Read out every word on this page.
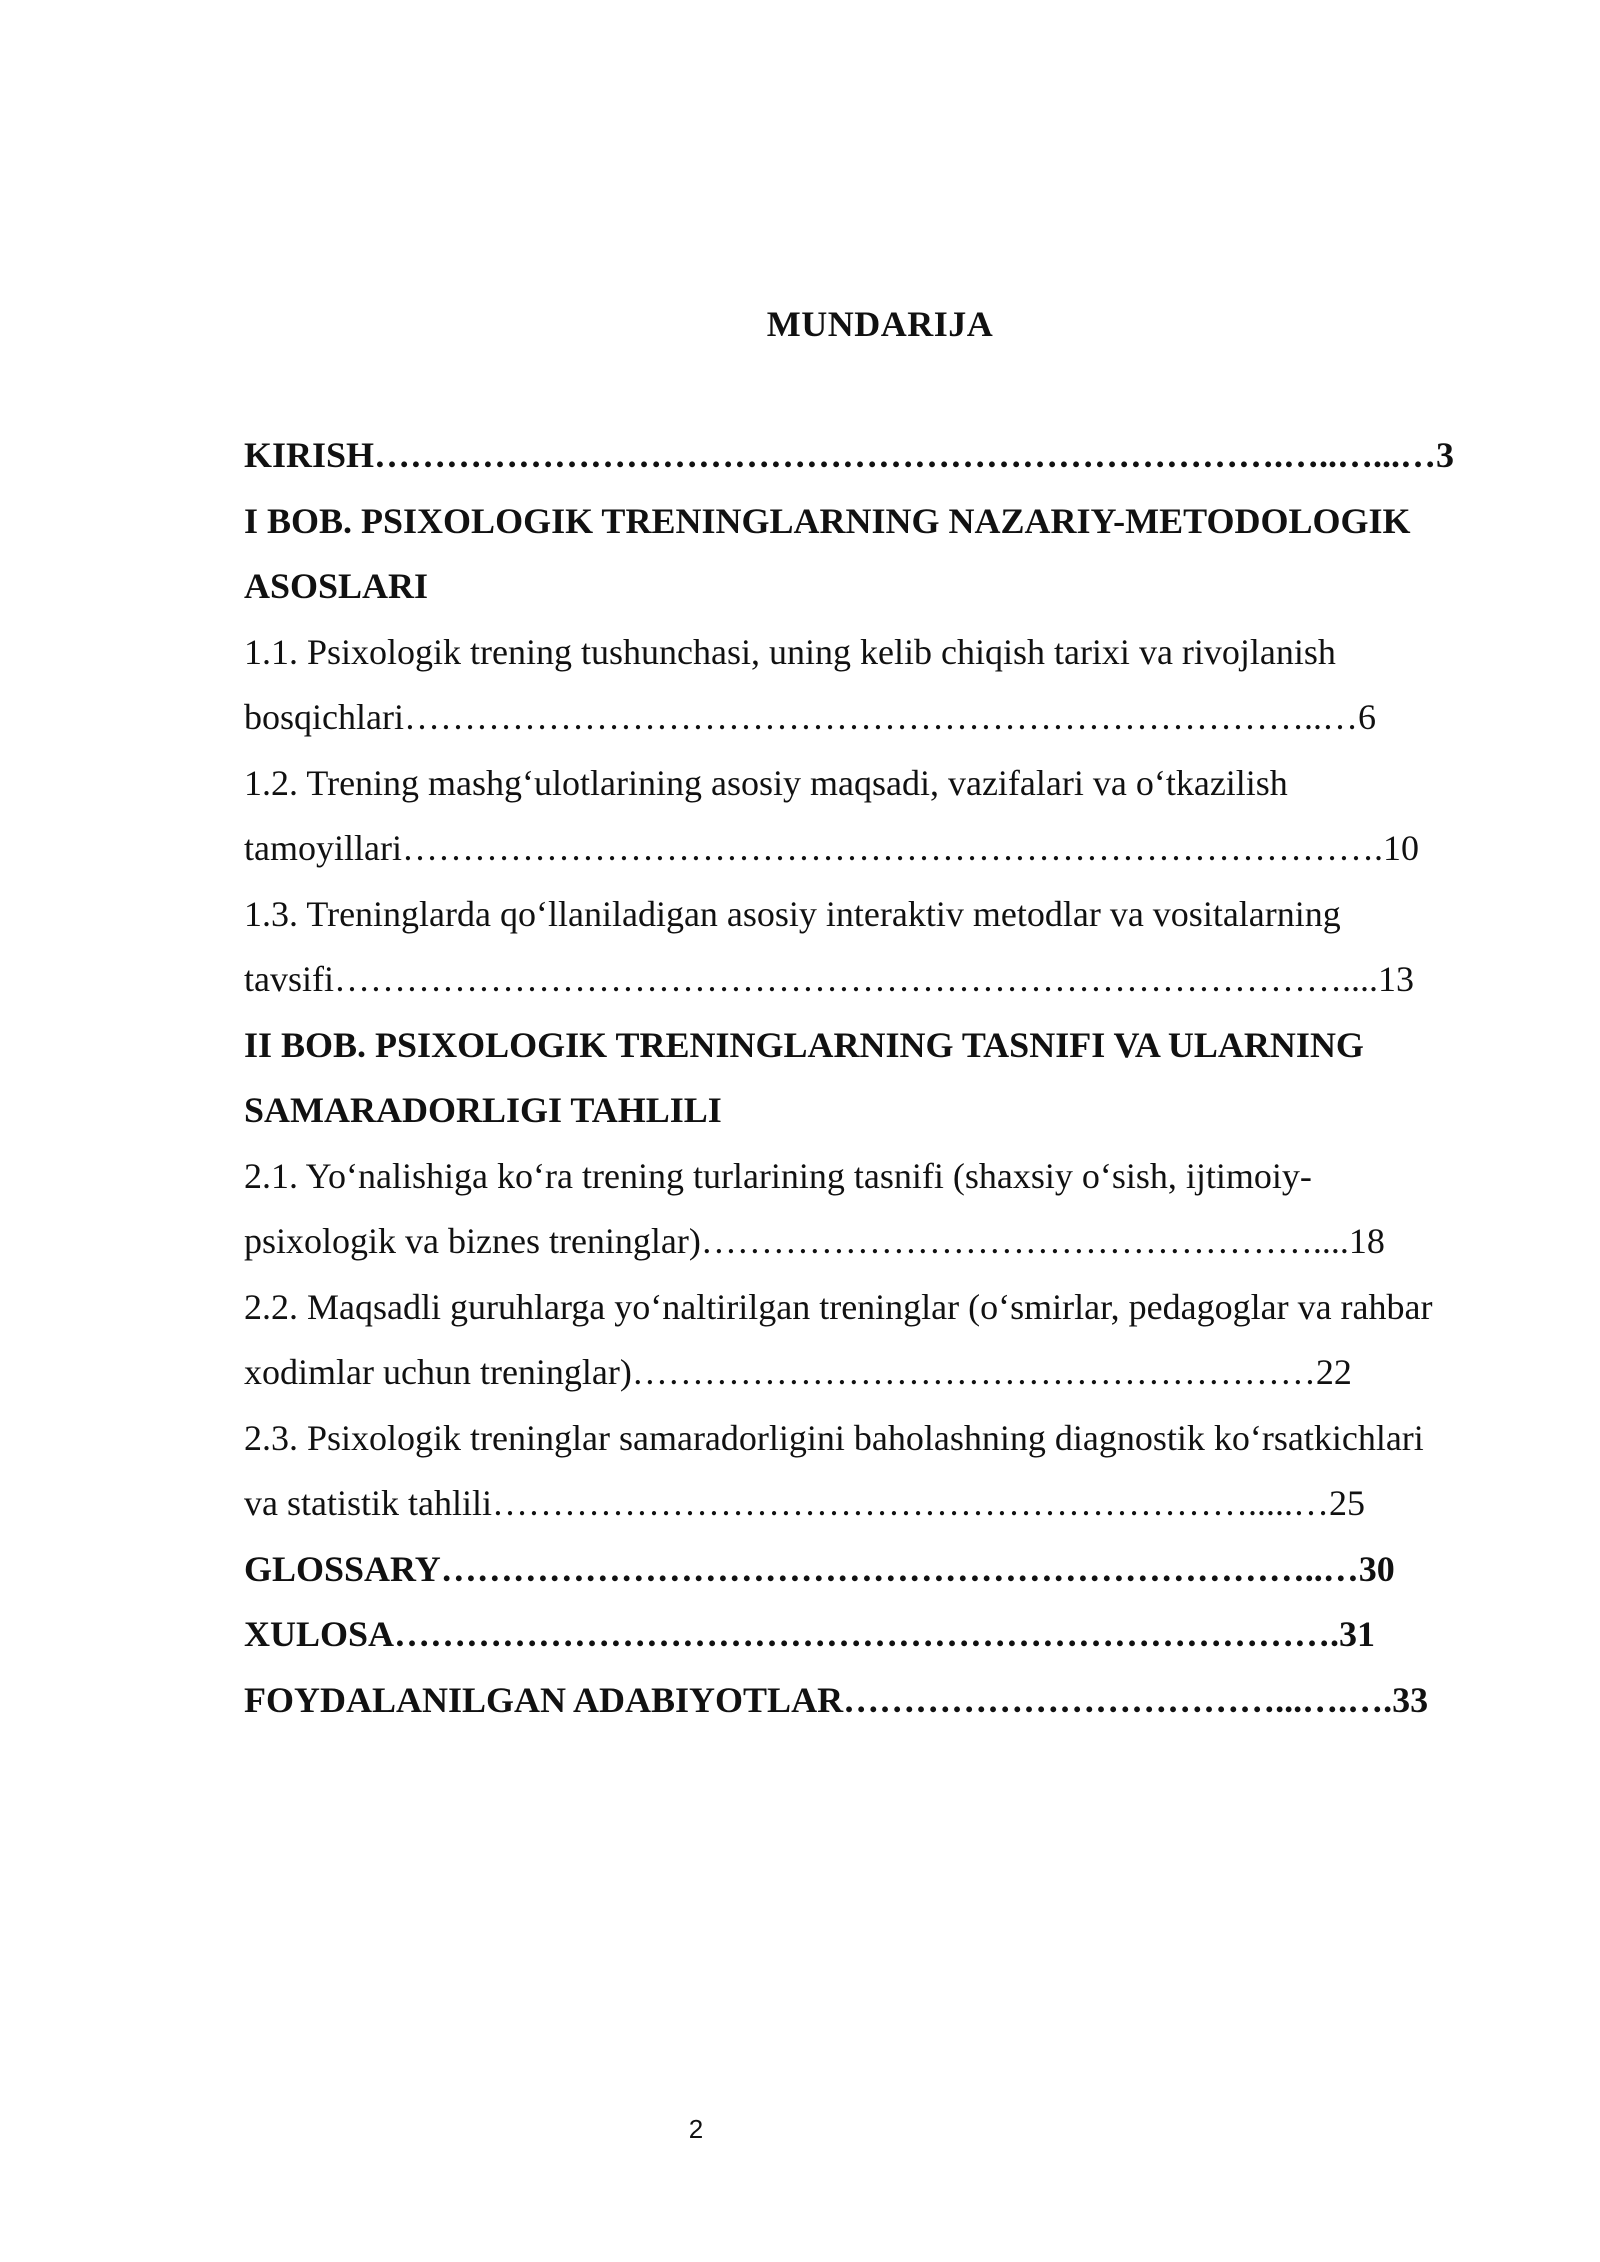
MUNDARIJA
KIRISH………………………………………………………………….…..…...…3
I BOB. PSIXOLOGIK TRENINGLARNING NAZARIY-METODOLOGIK
ASOSLARI
1.1. Psixologik trening tushunchasi, uning kelib chiqish tarixi va rivojlanish
bosqichlari…………………………………………………………………..…6
1.2. Trening mashg‘ulotlarining asosiy maqsadi, vazifalari va o‘tkazilish
tamoyillari……………………………………………………………………….10
1.3. Treninglarda qo‘llaniladigan asosiy interaktiv metodlar va vositalarning
tavsifi…………………………………………………………………………....13
II BOB. PSIXOLOGIK TRENINGLARNING TASNIFI VA ULARNING
SAMARADORLIGI TAHLILI
2.1. Yo‘nalishiga ko‘ra trening turlarining tasnifi (shaxsiy o‘sish, ijtimoiy-
psixologik va biznes treninglar)……………………………………………....18
2.2. Maqsadli guruhlarga yo‘naltirilgan treninglar (o‘smirlar, pedagoglar va rahbar
xodimlar uchun treninglar)…………………………………………………22
2.3. Psixologik treninglar samaradorligini baholashning diagnostik ko‘rsatkichlari
va statistik tahlili……………………………………………………….....…25
GLOSSARY………………………………………………………………..…30
XULOSA…………………………………………………………………….31
FOYDALANILGAN ADABIYOTLAR………………………………...….….33
2
